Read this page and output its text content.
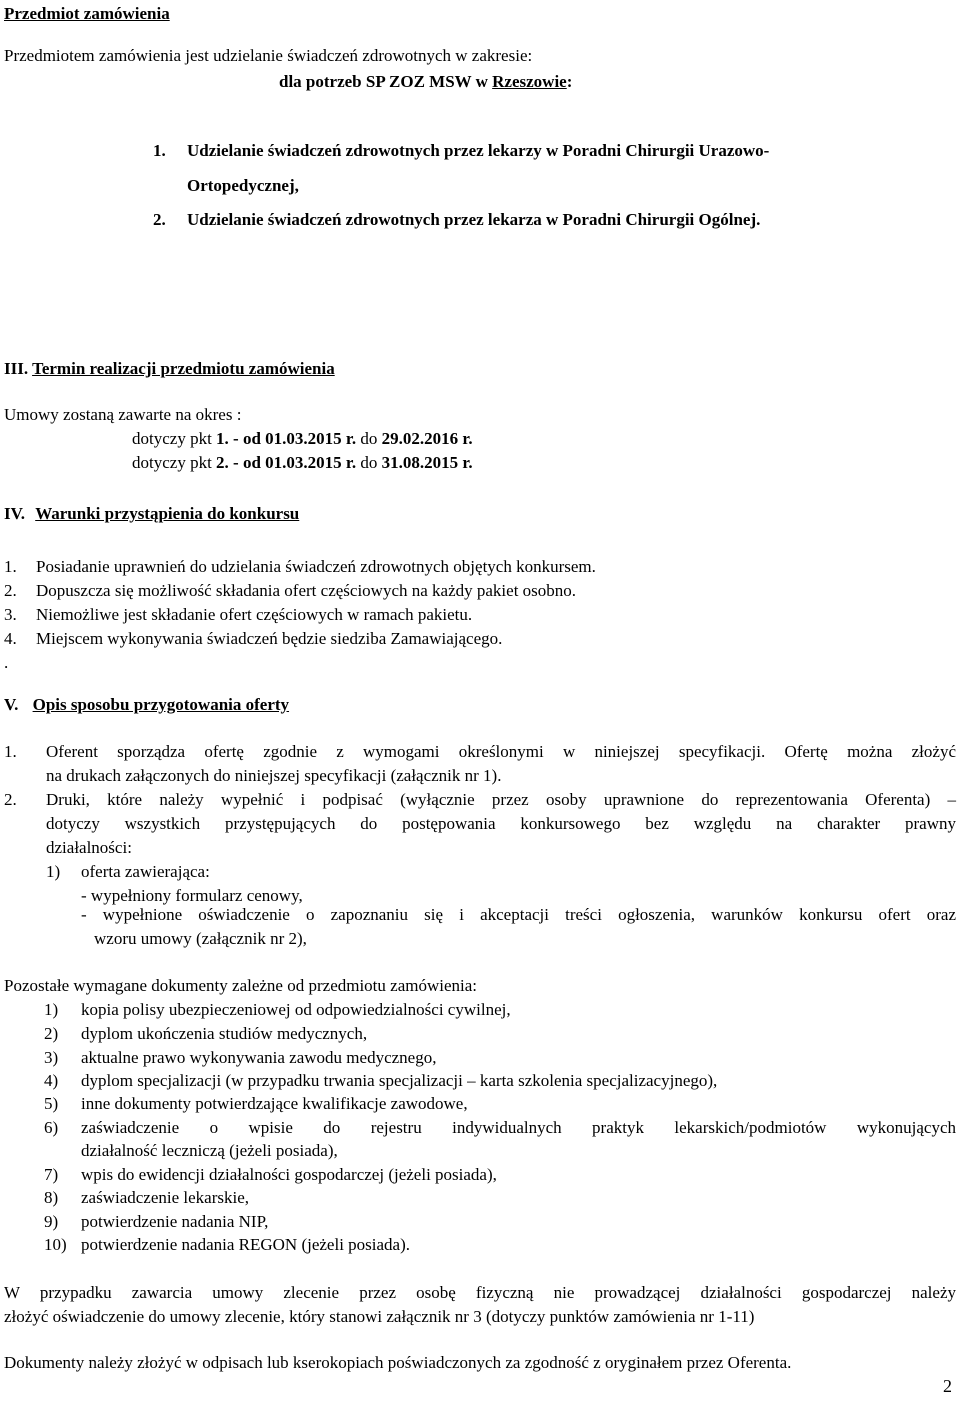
Przedmiot zamówienia
Przedmiotem zamówienia jest udzielanie świadczeń zdrowotnych w zakresie:
dla potrzeb SP ZOZ MSW w Rzeszowie:
1. Udzielanie świadczeń zdrowotnych przez lekarzy w Poradni Chirurgii Urazowo-
Ortopedycznej,
2. Udzielanie świadczeń zdrowotnych przez lekarza w Poradni Chirurgii Ogólnej.
III. Termin realizacji przedmiotu zamówienia
Umowy zostaną zawarte na okres :
dotyczy pkt 1. - od 01.03.2015 r. do 29.02.2016 r.
dotyczy pkt 2. - od 01.03.2015 r. do 31.08.2015 r.
IV. Warunki przystąpienia do konkursu
1. Posiadanie uprawnień do udzielania świadczeń zdrowotnych objętych konkursem.
2. Dopuszcza się możliwość składania ofert częściowych na każdy pakiet osobno.
3. Niemożliwe jest składanie ofert częściowych w ramach pakietu.
4. Miejscem wykonywania świadczeń będzie siedziba Zamawiającego.
.
V. Opis sposobu przygotowania oferty
1. Oferent sporządza ofertę zgodnie z wymogami określonymi w niniejszej specyfikacji. Ofertę można złożyć
na drukach załączonych do niniejszej specyfikacji (załącznik nr 1).
2. Druki, które należy wypełnić i podpisać (wyłącznie przez osoby uprawnione do reprezentowania Oferenta) –
dotyczy wszystkich przystępujących do postępowania konkursowego bez względu na charakter prawny
działalności:
1) oferta zawierająca:
- wypełniony formularz cenowy,
- wypełnione oświadczenie o zapoznaniu się i akceptacji treści ogłoszenia, warunków konkursu ofert oraz
wzoru umowy (załącznik nr 2),
Pozostałe wymagane dokumenty zależne od przedmiotu zamówienia:
1) kopia polisy ubezpieczeniowej od odpowiedzialności cywilnej,
2) dyplom ukończenia studiów medycznych,
3) aktualne prawo wykonywania zawodu medycznego,
4) dyplom specjalizacji (w przypadku trwania specjalizacji – karta szkolenia specjalizacyjnego),
5) inne dokumenty potwierdzające kwalifikacje zawodowe,
6) zaświadczenie o wpisie do rejestru indywidualnych praktyk lekarskich/podmiotów wykonujących
działalność leczniczą (jeżeli posiada),
7) wpis do ewidencji działalności gospodarczej (jeżeli posiada),
8) zaświadczenie lekarskie,
9) potwierdzenie nadania NIP,
10) potwierdzenie nadania REGON (jeżeli posiada).
W przypadku zawarcia umowy zlecenie przez osobę fizyczną nie prowadzącej działalności gospodarczej należy
złożyć oświadczenie do umowy zlecenie, który stanowi załącznik nr 3 (dotyczy punktów zamówienia nr 1-11)
Dokumenty należy złożyć w odpisach lub kserokopiach poświadczonych za zgodność z oryginałem przez Oferenta.
2
